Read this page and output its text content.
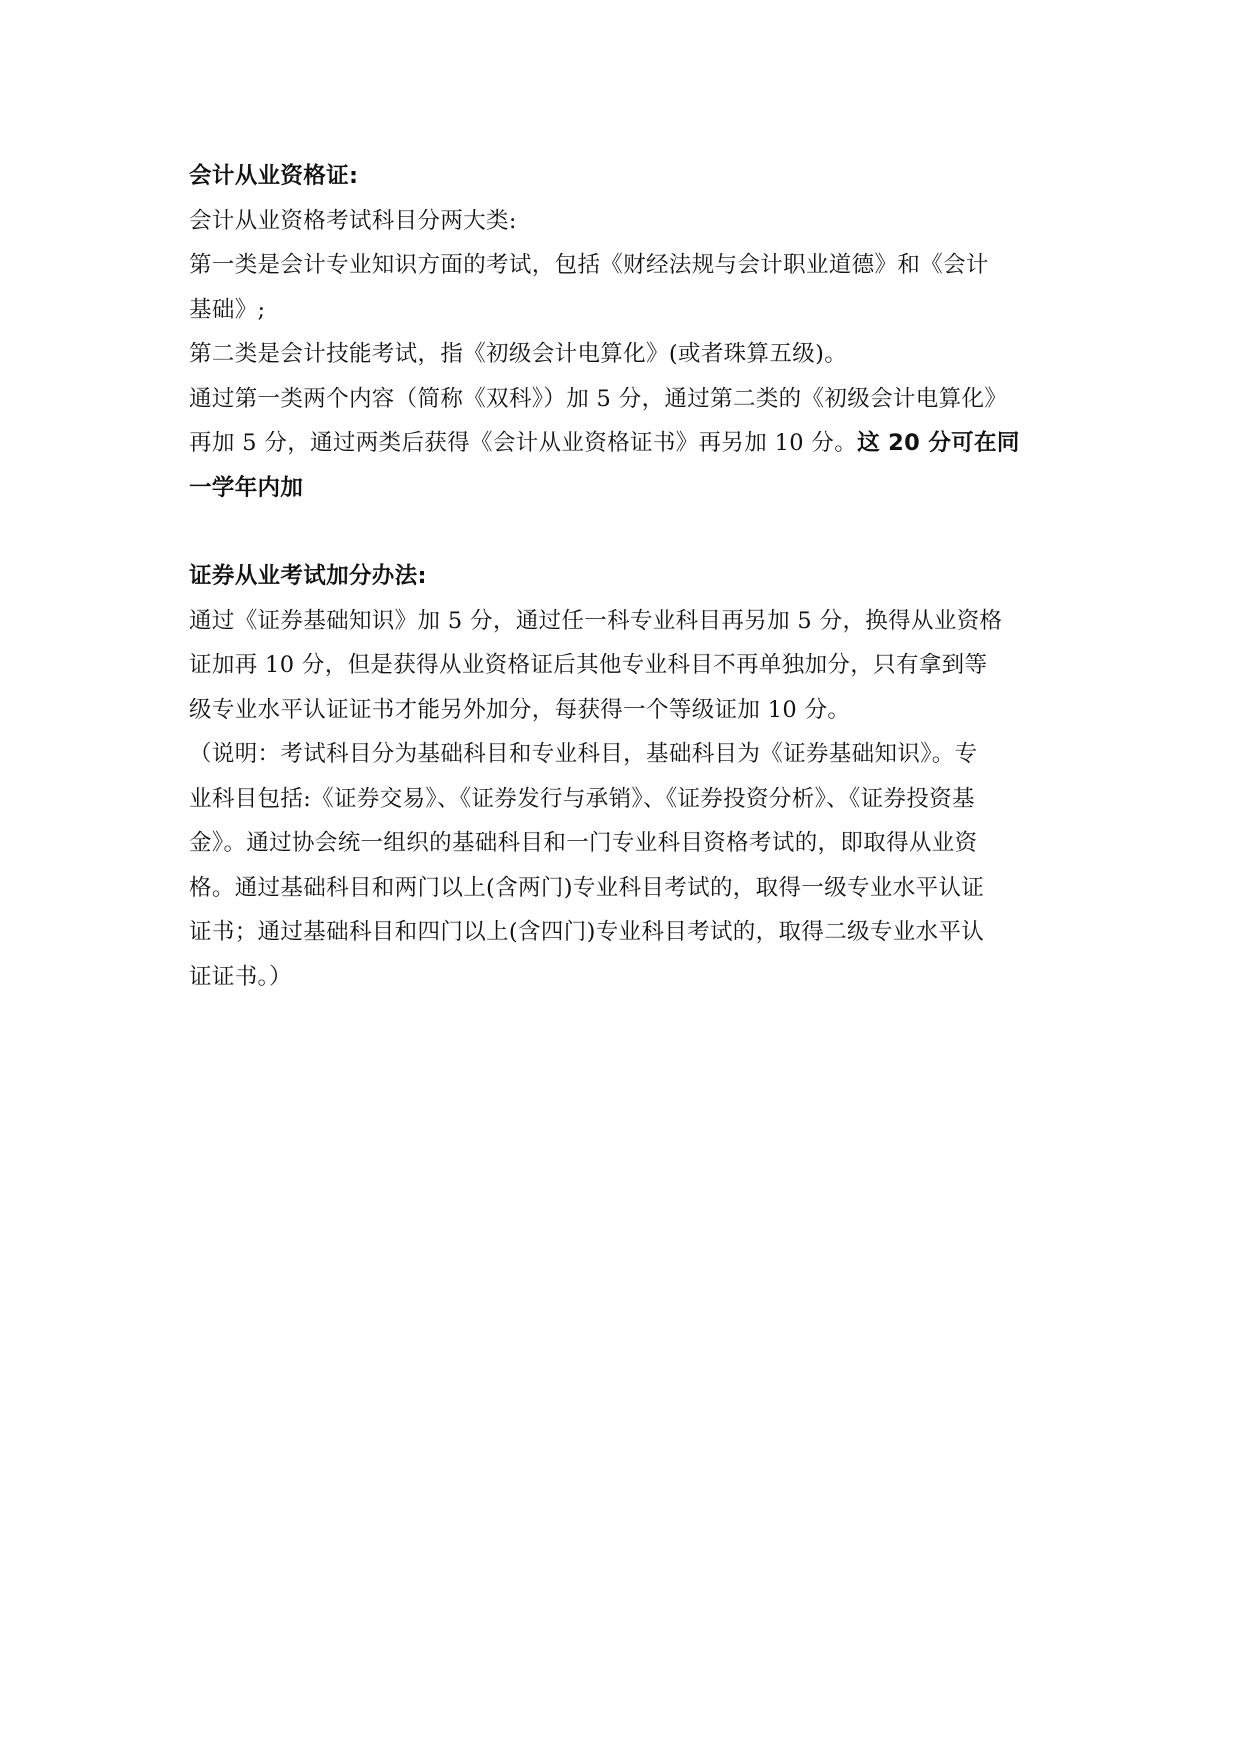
会计从业资格证:

会计从业资格考试科目分两大类:

第一类是会计专业知识方面的考试，包括《财经法规与会计职业道德》和《会计

基础》;

第二类是会计技能考试，指《初级会计电算化》(或者珠算五级)。

通过第一类两个内容（简称《双科》）加 5 分，通过第二类的《初级会计电算化》

再加 5 分，通过两类后获得《会计从业资格证书》再另加 10 分。这 20 分可在同

一学年内加

证券从业考试加分办法:

通过《证券基础知识》加 5 分，通过任一科专业科目再另加 5 分，换得从业资格

证加再 10 分，但是获得从业资格证后其他专业科目不再单独加分，只有拿到等

级专业水平认证证书才能另外加分，每获得一个等级证加 10 分。

（说明：考试科目分为基础科目和专业科目，基础科目为《证券基础知识》。专

业科目包括:《证券交易》、《证券发行与承销》、《证券投资分析》、《证券投资基

金》。通过协会统一组织的基础科目和一门专业科目资格考试的，即取得从业资

格。通过基础科目和两门以上(含两门)专业科目考试的，取得一级专业水平认证

证书；通过基础科目和四门以上(含四门)专业科目考试的，取得二级专业水平认

证证书。）
